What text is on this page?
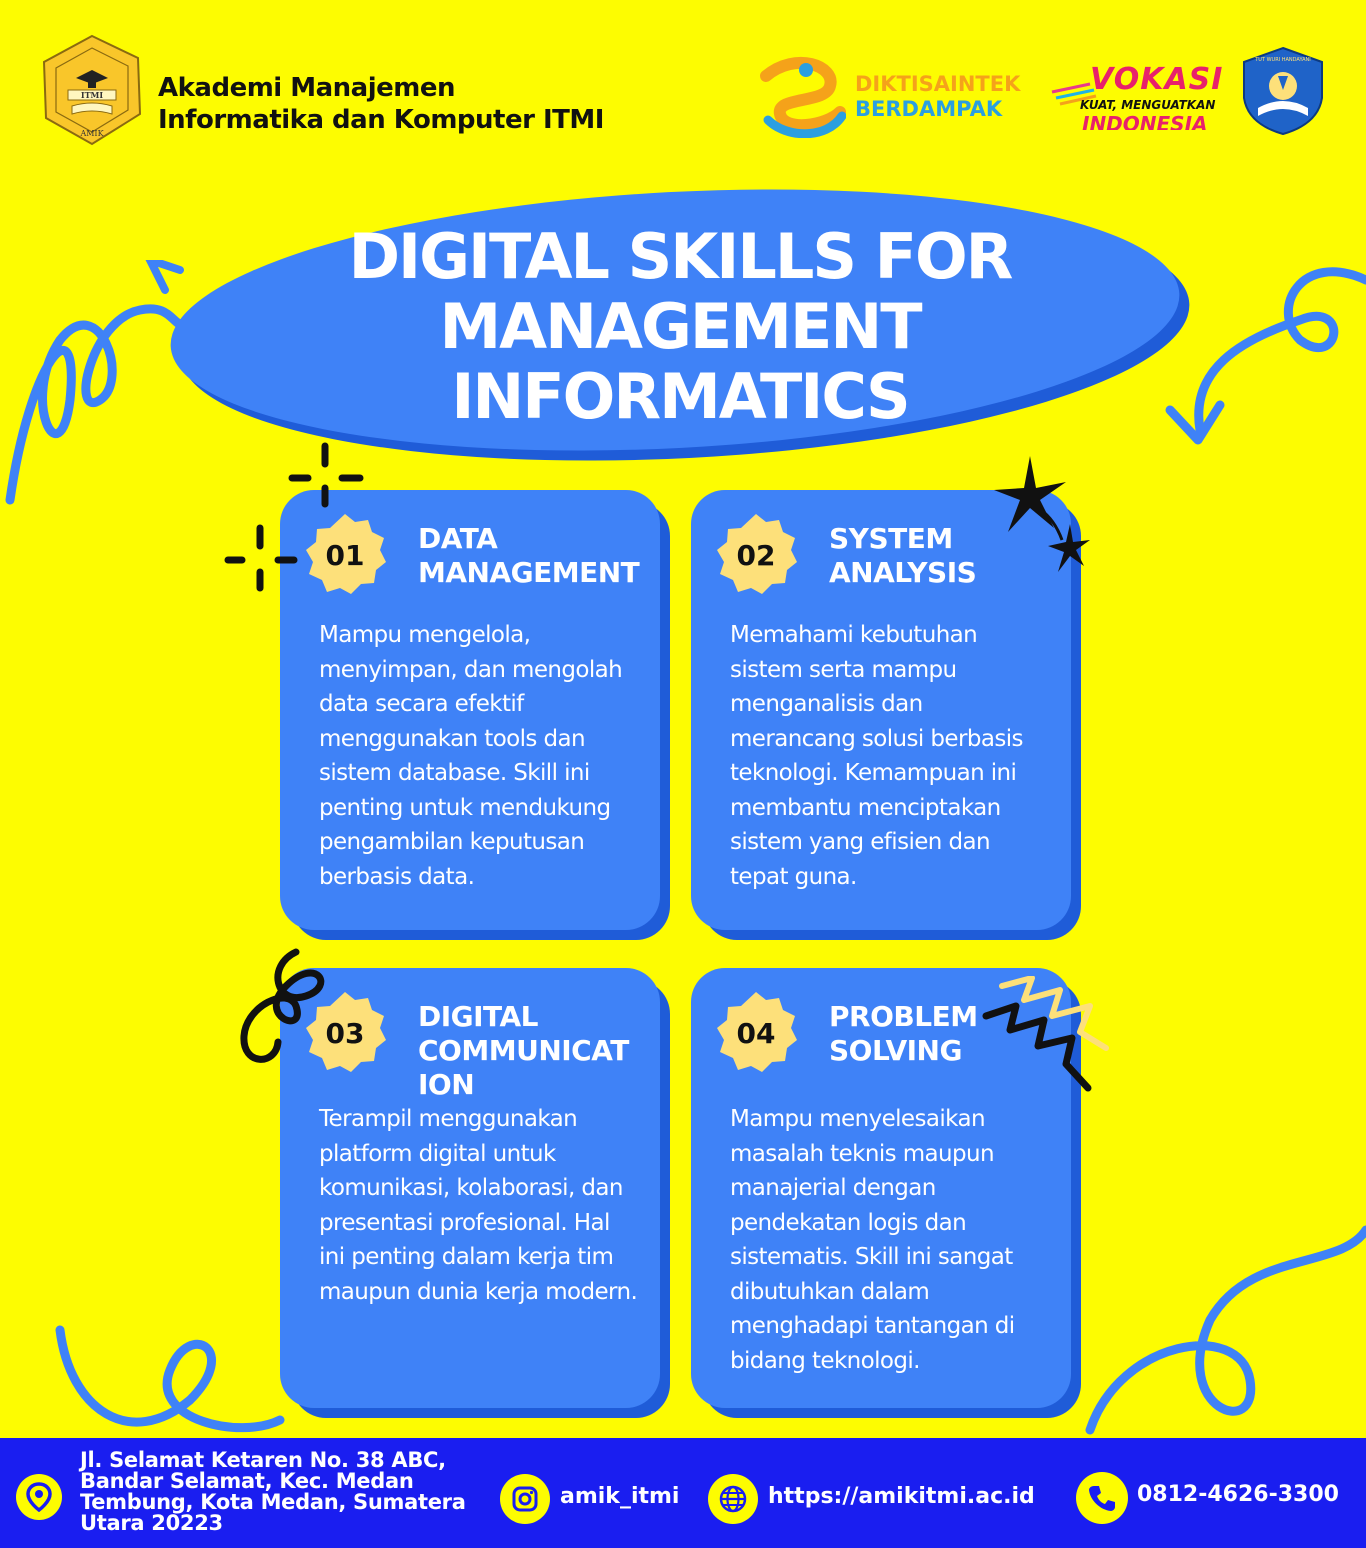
ITMI
AMIK
Akademi Manajemen
Informatika dan Komputer ITMI
DIKTISAINTEK
BERDAMPAK
VOKASI
KUAT, MENGUATKAN
INDONESIA
TUT WURI HANDAYANI
DIGITAL SKILLS FOR
MANAGEMENT
INFORMATICS
01	DATA
MANAGEMENT
Mampu mengelola,
menyimpan, dan mengolah
data secara efektif
menggunakan tools dan
sistem database. Skill ini
penting untuk mendukung
pengambilan keputusan
berbasis data.
02	SYSTEM
ANALYSIS
Memahami kebutuhan
sistem serta mampu
menganalisis dan
merancang solusi berbasis
teknologi. Kemampuan ini
membantu menciptakan
sistem yang efisien dan
tepat guna.
03	DIGITAL
COMMUNICAT
ION
Terampil menggunakan
platform digital untuk
komunikasi, kolaborasi, dan
presentasi profesional. Hal
ini penting dalam kerja tim
maupun dunia kerja modern.
04	PROBLEM
SOLVING
Mampu menyelesaikan
masalah teknis maupun
manajerial dengan
pendekatan logis dan
sistematis. Skill ini sangat
dibutuhkan dalam
menghadapi tantangan di
bidang teknologi.
Jl. Selamat Ketaren No. 38 ABC,
Bandar Selamat, Kec. Medan
Tembung, Kota Medan, Sumatera
Utara 20223
amik_itmi	https://amikitmi.ac.id	0812-4626-3300
